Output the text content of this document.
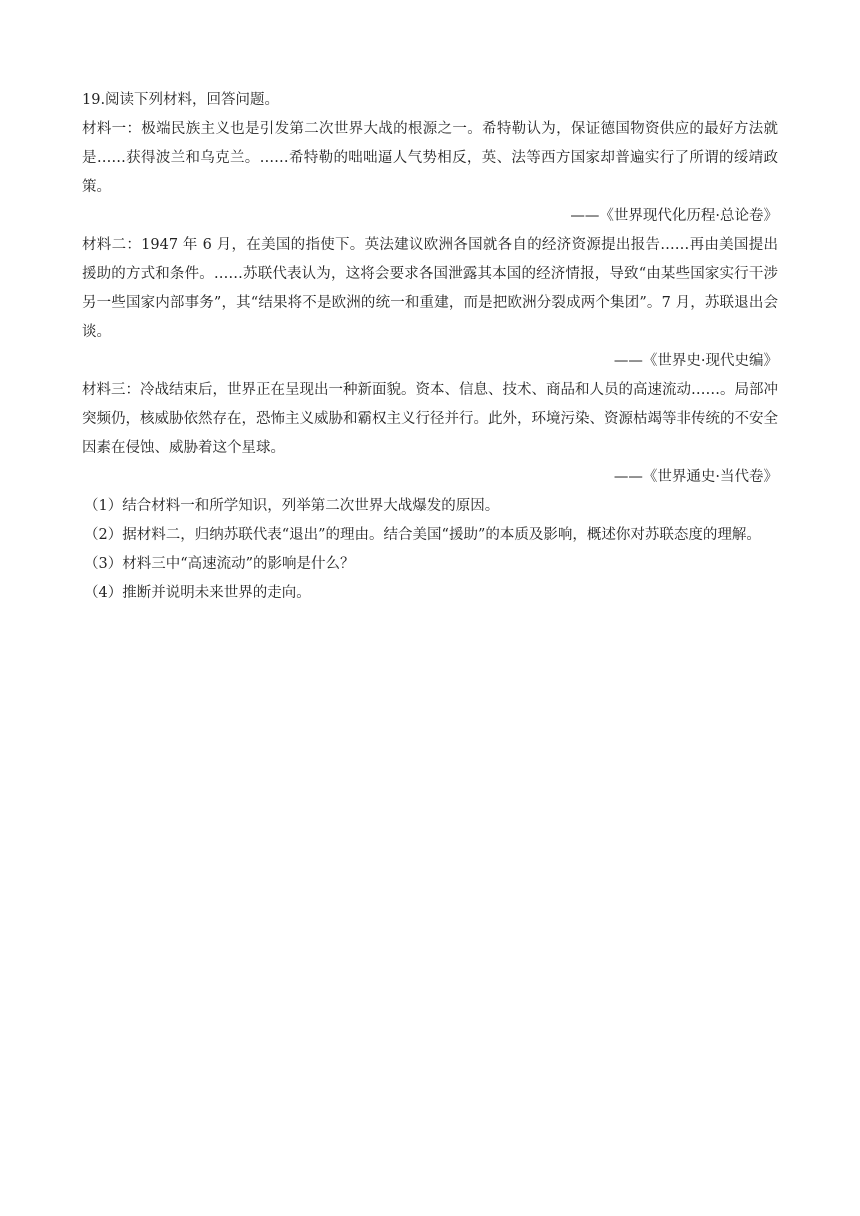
19.阅读下列材料，回答问题。

材料一：极端民族主义也是引发第二次世界大战的根源之一。希特勒认为，保证德国物资供应的最好方法就是……获得波兰和乌克兰。……希特勒的咄咄逼人气势相反，英、法等西方国家却普遍实行了所谓的绥靖政策。

——《世界现代化历程·总论卷》

材料二：1947 年 6 月，在美国的指使下。英法建议欧洲各国就各自的经济资源提出报告……再由美国提出援助的方式和条件。……苏联代表认为，这将会要求各国泄露其本国的经济情报，导致“由某些国家实行干涉另一些国家内部事务”，其“结果将不是欧洲的统一和重建，而是把欧洲分裂成两个集团”。7 月，苏联退出会谈。

——《世界史·现代史编》

材料三：冷战结束后，世界正在呈现出一种新面貌。资本、信息、技术、商品和人员的高速流动……。局部冲突频仍，核威胁依然存在，恐怖主义威胁和霸权主义行径并行。此外，环境污染、资源枯竭等非传统的不安全因素在侵蚀、威胁着这个星球。

——《世界通史·当代卷》

（1）结合材料一和所学知识，列举第二次世界大战爆发的原因。

（2）据材料二，归纳苏联代表“退出”的理由。结合美国“援助”的本质及影响，概述你对苏联态度的理解。

（3）材料三中“高速流动”的影响是什么？

（4）推断并说明未来世界的走向。
